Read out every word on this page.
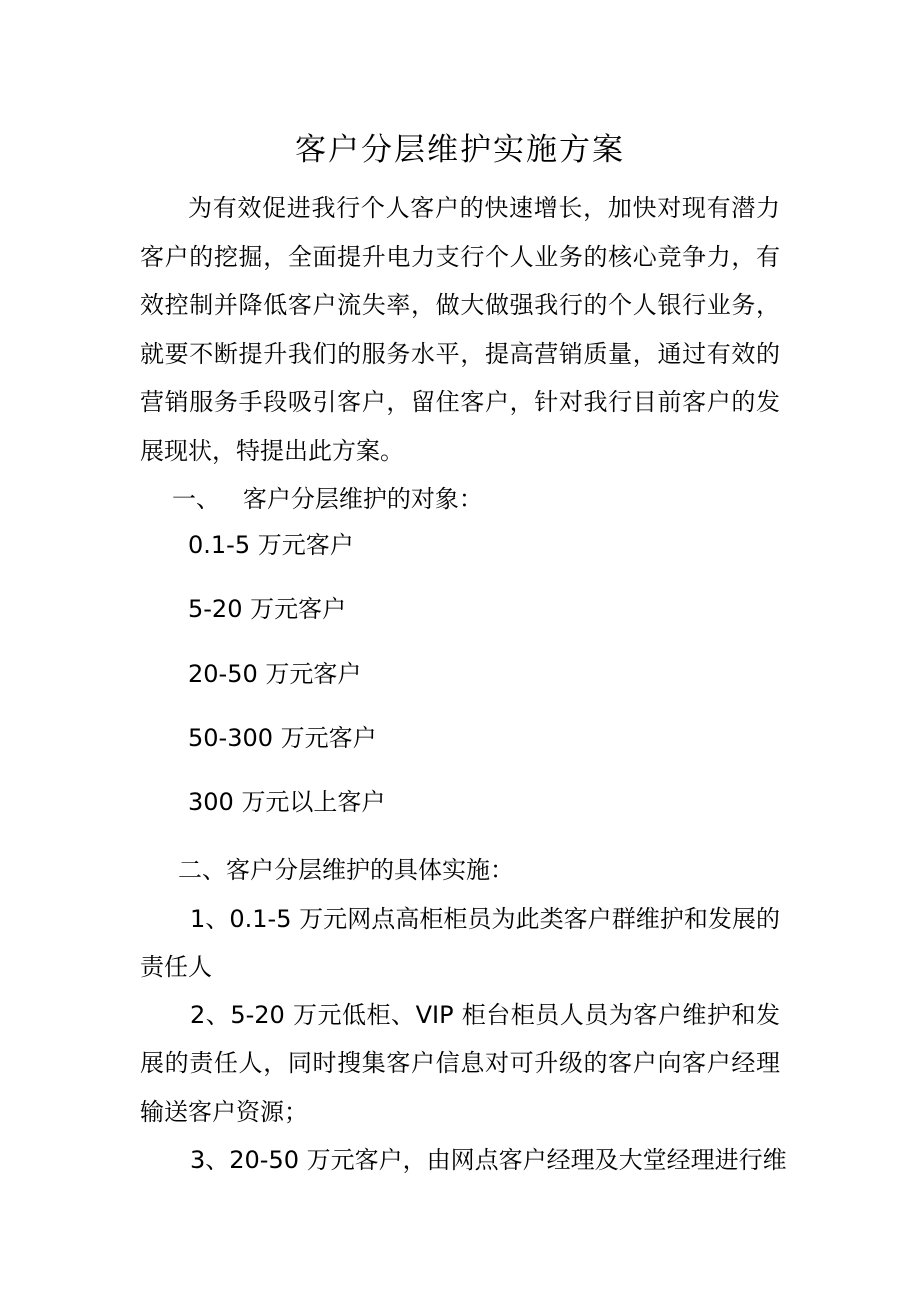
客户分层维护实施方案
为有效促进我行个人客户的快速增长，加快对现有潜力
客户的挖掘，全面提升电力支行个人业务的核心竞争力，有
效控制并降低客户流失率，做大做强我行的个人银行业务，
就要不断提升我们的服务水平，提高营销质量，通过有效的
营销服务手段吸引客户，留住客户，针对我行目前客户的发
展现状，特提出此方案。
一、   客户分层维护的对象：
0.1-5 万元客户
5-20 万元客户
20-50 万元客户
50-300 万元客户
300 万元以上客户
二、客户分层维护的具体实施：
1、0.1-5 万元网点高柜柜员为此类客户群维护和发展的
责任人
2、5-20 万元低柜、VIP 柜台柜员人员为客户维护和发
展的责任人，同时搜集客户信息对可升级的客户向客户经理
输送客户资源；
3、20-50 万元客户，由网点客户经理及大堂经理进行维
